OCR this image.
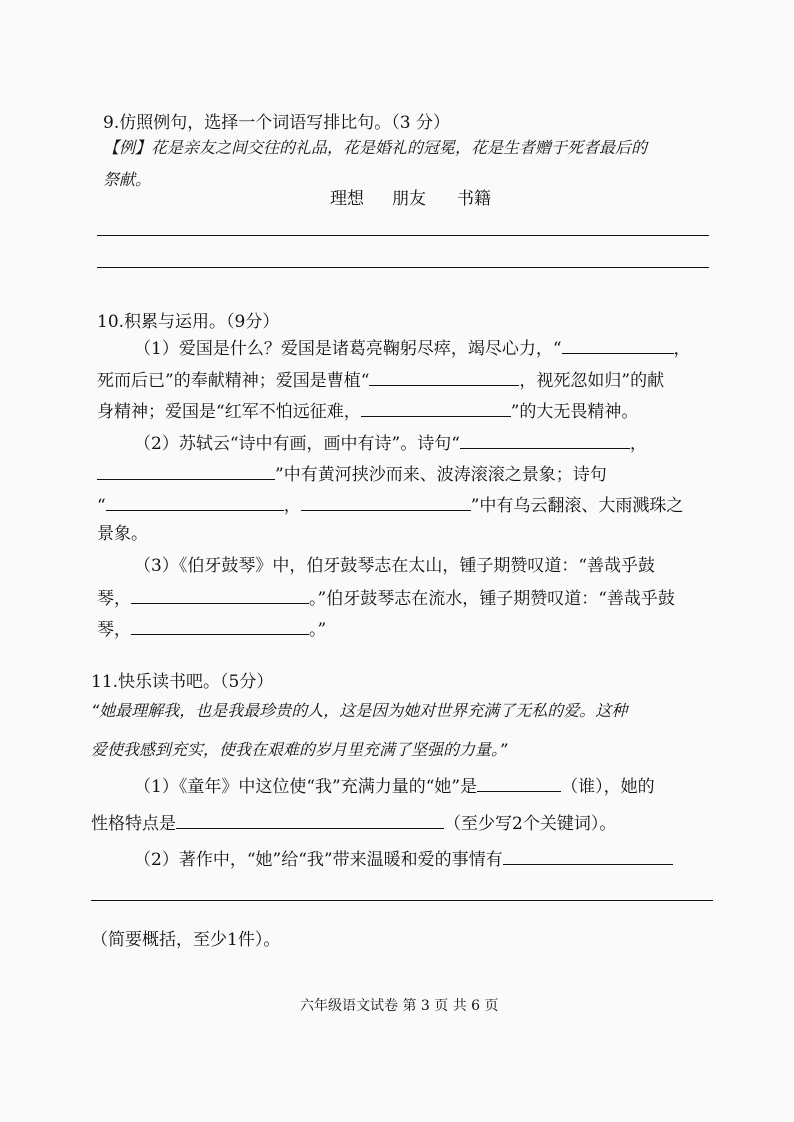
9.仿照例句，选择一个词语写排比句。（3 分）
【例】花是亲友之间交往的礼品，花是婚礼的冠冕，花是生者赠于死者最后的
祭献。
理想 朋友 书籍
10.积累与运用。（9分）
（1）爱国是什么？爱国是诸葛亮鞠躬尽瘁，竭尽心力，“	，
死而后已”的奉献精神；爱国是曹植“	，视死忽如归”的献
身精神；爱国是“红军不怕远征难，	”的大无畏精神。
（2）苏轼云“诗中有画，画中有诗”。诗句“	，
”中有黄河挟沙而来、波涛滚滚之景象；诗句
“	，	”中有乌云翻滚、大雨溅珠之
景象。
（3）《伯牙鼓琴》中，伯牙鼓琴志在太山，锺子期赞叹道：“善哉乎鼓
琴，	。”伯牙鼓琴志在流水，锺子期赞叹道：“善哉乎鼓
琴，	。”
11.快乐读书吧。（5分）
“她最理解我，也是我最珍贵的人，这是因为她对世界充满了无私的爱。这种
爱使我感到充实，使我在艰难的岁月里充满了坚强的力量。”
（1）《童年》中这位使“我”充满力量的“她”是	（谁），她的
性格特点是	（至少写2个关键词）。
（2）著作中，“她”给“我”带来温暖和爱的事情有
（简要概括，至少1件）。
六年级语文试卷 第 3 页 共 6 页
